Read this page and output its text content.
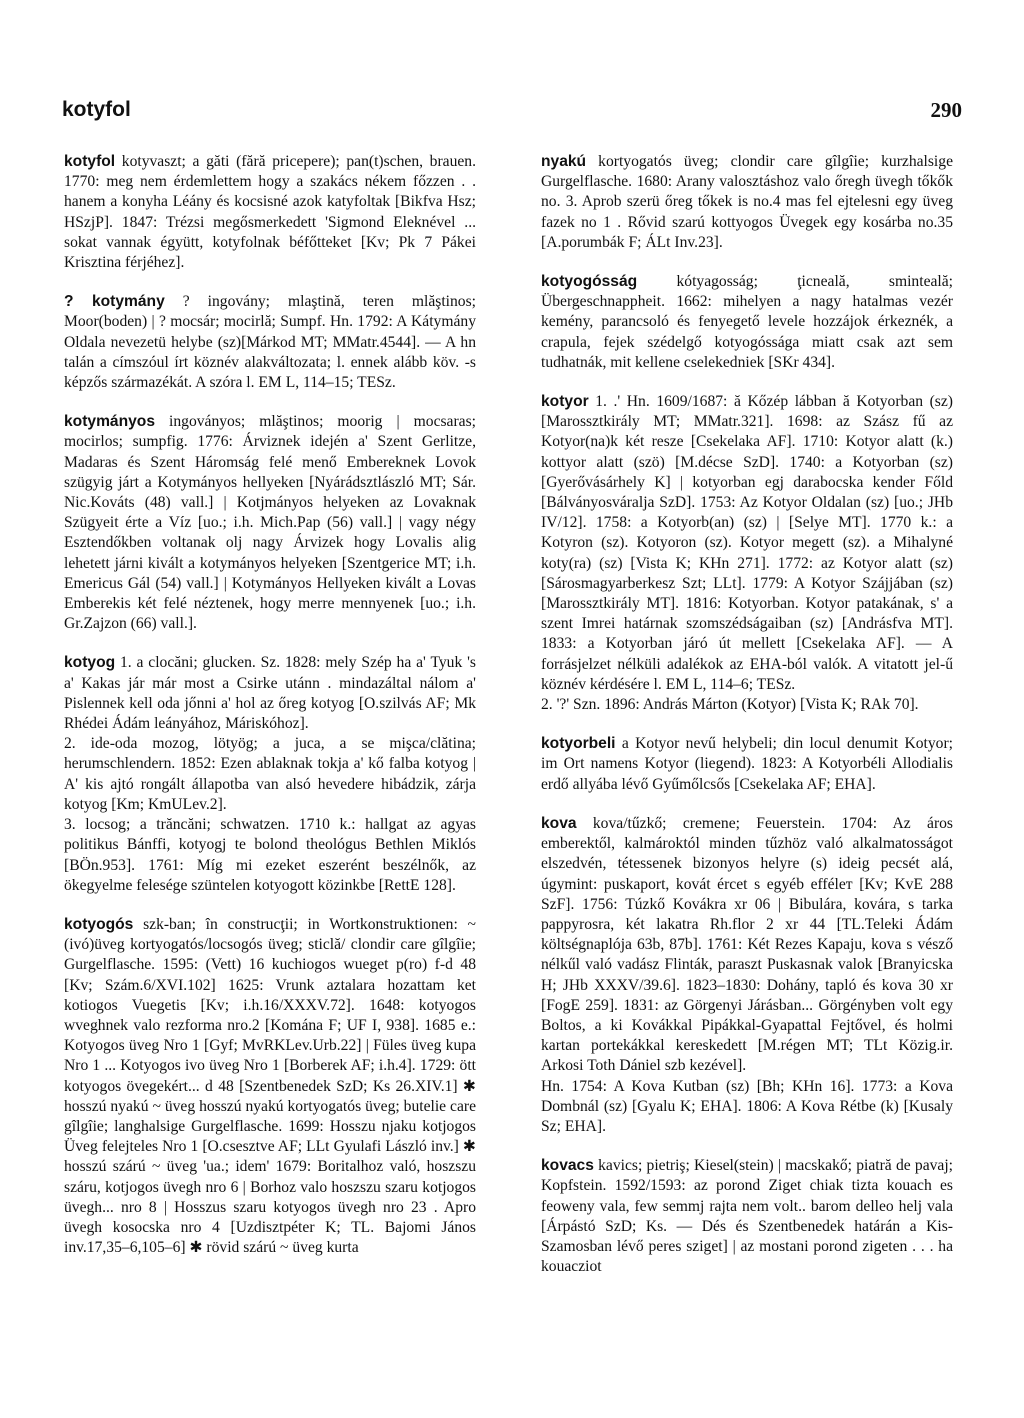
kotyfol	290

kotyfol kotyvaszt; a găti (fără pricepere); pan(t)schen, brauen. 1770: meg nem érdemlettem hogy a szakács nékem főzzen . . hanem a konyha Léány és kocsisné azok katyfoltak [Bikfva Hsz; HSzjP]. 1847: Trézsi megősmerkedett 'Sigmond Eleknével ... sokat vannak égyütt, kotyfolnak béfőtteket [Kv; Pk 7 Pákei Krisztina férjéhez].

? kotymány ? ingovány; mlaştină, teren mlăştinos; Moor(boden) | ? mocsár; mocirlă; Sumpf. Hn. 1792: A Kátymány Oldala nevezetü helybe (sz)[Márkod MT; MMatr.4544]. — A hn talán a címszóul írt köznév alakváltozata; l. ennek alább köv. -s képzős származékát. A szóra l. EM L, 114–15; TESz.

kotymányos ingoványos; mlăştinos; moorig | mocsaras; mocirlos; sumpfig. 1776: Árviznek idején a' Szent Gerlitze, Madaras és Szent Háromság felé menő Embereknek Lovok szügyig járt a Kotymányos hellyeken [Nyárádsztlászló MT; Sár. Nic.Kováts (48) vall.] | Kotjmányos helyeken az Lovaknak Szügyeit érte a Víz [uo.; i.h. Mich.Pap (56) vall.] | vagy négy Esztendőkben voltanak olj nagy Árvizek hogy Lovalis alig lehetett járni kivált a kotymányos helyeken [Szentgerice MT; i.h. Emericus Gál (54) vall.] | Kotymányos Hellyeken kivált a Lovas Emberekis két felé néztenek, hogy merre mennyenek [uo.; i.h. Gr.Zajzon (66) vall.].

kotyog 1. a clocăni; glucken. Sz. 1828: mely Szép ha a' Tyuk 's a' Kakas jár már most a Csirke utánn . mindazáltal nálom a' Pislennek kell oda jőnni a' hol az őreg kotyog [O.szilvás AF; Mk Rhédei Ádám leányához, Máriskóhoz].

2. ide-oda mozog, lötyög; a juca, a se mişca/clătina; herumschlendern. 1852: Ezen ablaknak tokja a' kő falba kotyog | A' kis ajtó rongált állapotba van alsó hevedere hibádzik, zárja kotyog [Km; KmULev.2].

3. locsog; a trăncăni; schwatzen. 1710 k.: hallgat az agyas politikus Bánffi, kotyogj te bolond theológus Bethlen Miklós [BÖn.953]. 1761: Míg mi ezeket eszerént beszélnők, az ökegyelme felesége szüntelen kotyogott közinkbe [RettE 128].

kotyogós szk-ban; în construcţii; in Wortkonstruktionen: ~ (ivó)üveg kortyogatós/locsogós üveg; sticlă/ clondir care gîlgîie; Gurgelflasche. 1595: (Vett) 16 kuchiogos wueget p(ro) f-d 48 [Kv; Szám.6/XVI.102] 1625: Vrunk aztalara hozattam ket kotiogos Vuegetis [Kv; i.h.16/XXXV.72]. 1648: kotyogos wveghnek valo rezforma nro.2 [Kománа F; UF I, 938]. 1685 e.: Kotyogos üveg Nro 1 [Gyf; MvRKLev.Urb.22] | Füles üveg kupa Nro 1 ... Kotyogos ivo üveg Nro 1 [Borberek AF; i.h.4]. 1729: ött kotyogos övegekért... d 48 [Szentbenedek SzD; Ks 26.XIV.1] ✱ hosszú nyakú ~ üveg hosszú nyakú kortyogatós üveg; butelie care gîlgîie; langhalsige Gurgelflasche. 1699: Hosszu njaku kotjogos Üveg felejteles Nro 1 [O.csesztve AF; LLt Gyulafi László inv.] ✱ hosszú szárú ~ üveg 'ua.; idem' 1679: Boritalhoz való, hoszszu száru, kotjogos üvegh nro 6 | Borhoz valo hoszszu szaru kotjogos üvegh... nro 8 | Hosszus szaru kotyogos üvegh nro 23 . Apro üvegh kosocska nro 4 [Uzdisztpéter K; TL. Bajomi János inv.17,35–6,105–6] ✱ rövid szárú ~ üveg kurta

nyakú kortyogatós üveg; clondir care gîlgîie; kurzhalsige Gurgelflasche. 1680: Arany valosztáshoz valo őregh üvegh tőkők no. 3. Aprob szerü őreg tőkek is no.4 mas fel ejtelesni egy üveg fazek no 1 . Rővid szarú kottyogos Üvegek egy kosárba no.35 [A.porumbák F; ÁLt Inv.23].

kotyogósság kótyagosság; ţicneală, sminteală; Übergeschnappheit. 1662: mihelyen a nagy hatalmas vezér kemény, parancsoló és fenyegető levele hozzájok érkeznék, a crapula, fejek szédelgő kotyogóssága miatt csak azt sem tudhatnák, mit kellene cselekedniek [SKr 434].

kotyor 1. .' Hn. 1609/1687: ă Kőzép lábban ă Kotyorban (sz) [Marossztkirály MT; MMatr.321]. 1698: az Szász fű az Kotyor(na)k két resze [Csekelaka AF]. 1710: Kotyor alatt (k.) kottyor alatt (szö) [M.décse SzD]. 1740: a Kotyorban (sz) [Gyerővásárhely K] | kotyorban egj darabocska kender Főld [Bálványosváralja SzD]. 1753: Az Kotyor Oldalan (sz) [uo.; JHb IV/12]. 1758: a Kotyorb(an) (sz) | [Selye MT]. 1770 k.: a Kotyron (sz). Kotyoron (sz). Kotyor megett (sz). a Mihalyné koty(ra) (sz) [Vista K; KHn 271]. 1772: az Kotyor alatt (sz) [Sárosmagyarberkesz Szt; LLt]. 1779: A Kotyor Szájjában (sz) [Marossztkirály MT]. 1816: Kotyorban. Kotyor patakának, s' a szent Imrei határnak szomszédságaiban (sz) [Andrásfva MT]. 1833: a Kotyorban járó út mellett [Csekelaka AF]. — A forrásjelzet nélküli adalékok az EHA-ból valók. A vitatott jel-ű köznév kérdésére l. EM L, 114–6; TESz.

2. '?' Szn. 1896: András Márton (Kotyor) [Vista K; RAk 70].

kotyorbeli a Kotyor nevű helybeli; din locul denumit Kotyor; im Ort namens Kotyor (liegend). 1823: A Kotyorbéli Allodialis erdő allyába lévő Gyűmőlcsős [Csekelaka AF; EHA].

kova kova/tűzkő; cremene; Feuerstein. 1704: Az áros emberektől, kalmároktól minden tűzhöz való alkalmatosságot elszedvén, tétessenek bizonyos helyre (s) ideig pecsét alá, úgymint: puskaport, kovát ércet s egyéb efféleт [Kv; KvE 288 SzF]. 1756: Túzkő Kovákra xr 06 | Bibulára, kovára, s tarka pappyrosra, két lakatra Rh.flor 2 xr 44 [TL.Teleki Ádám költségnaplója 63b, 87b]. 1761: Két Rezes Kapaju, kova s vésző nélkűl való vadász Flinták, paraszt Puskasnak valok [Branyicska H; JHb XXXV/39.6]. 1823–1830: Dohány, tapló és kova 30 xr [FogE 259]. 1831: az Görgenyi Járásban... Görgényben volt egy Boltos, a ki Kovákkal Pipákkal-Gyapattal Fejtővel, és holmi kartan portekákkal kereskedett [M.régen MT; TLt Közig.ir. Arkosi Toth Dániel szb kezével].

Hn. 1754: A Kova Kutban (sz) [Bh; KHn 16]. 1773: a Kova Dombnál (sz) [Gyalu K; EHA]. 1806: A Kova Rétbe (k) [Kusaly Sz; EHA].

kovacs kavics; pietriş; Kiesel(stein) | macskakő; piatră de pavaj; Kopfstein. 1592/1593: az porond Ziget chiak tizta kouach es feoweny vala, few semmj rajta nem volt.. barom delleo helj vala [Árpástó SzD; Ks. — Dés és Szentbenedek határán a Kis-Szamosban lévő peres sziget] | az mostani porond zigeten . . . ha kouacziot
